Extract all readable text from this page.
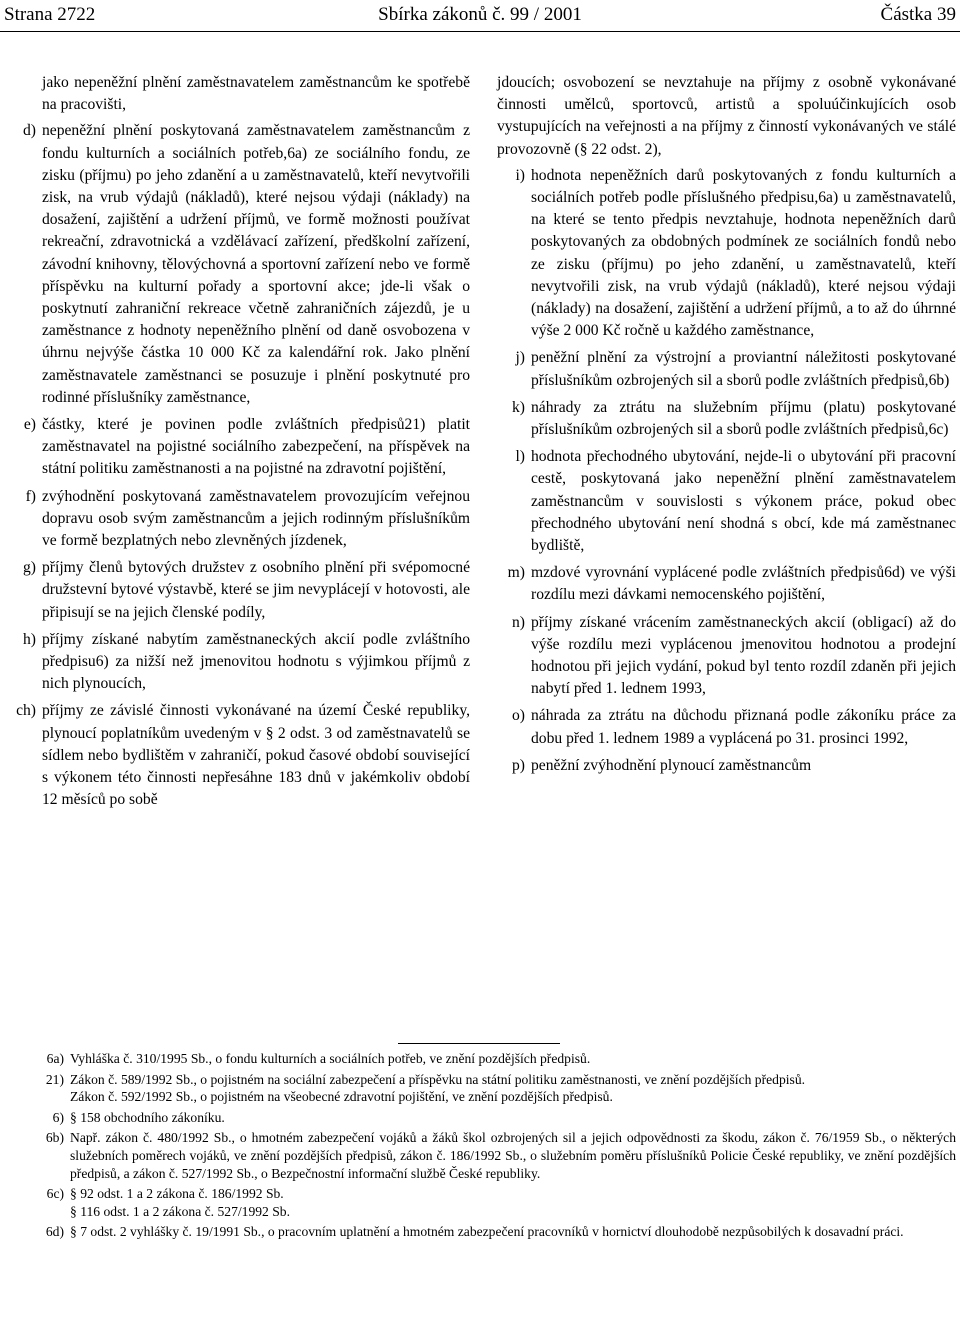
Sbírka zákonů č. 99 / 2001
Strana 2722	Částka 39

jako nepeněžní plnění zaměstnavatelem zaměstnancům ke spotřebě na pracovišti,

d) nepeněžní plnění poskytovaná zaměstnavatelem zaměstnancům z fondu kulturních a sociálních potřeb,6a) ze sociálního fondu, ze zisku (příjmu) po jeho zdanění a u zaměstnavatelů, kteří nevytvořili zisk, na vrub výdajů (nákladů), které nejsou výdaji (náklady) na dosažení, zajištění a udržení příjmů, ve formě možnosti používat rekreační, zdravotnická a vzdělávací zařízení, předškolní zařízení, závodní knihovny, tělovýchovná a sportovní zařízení nebo ve formě příspěvku na kulturní pořady a sportovní akce; jde-li však o poskytnutí zahraniční rekreace včetně zahraničních zájezdů, je u zaměstnance z hodnoty nepeněžního plnění od daně osvobozena v úhrnu nejvýše částka 10 000 Kč za kalendářní rok. Jako plnění zaměstnavatele zaměstnanci se posuzuje i plnění poskytnuté pro rodinné příslušníky zaměstnance,
e) částky, které je povinen podle zvláštních předpisů21) platit zaměstnavatel na pojistné sociálního zabezpečení, na příspěvek na státní politiku zaměstnanosti a na pojistné na zdravotní pojištění,
f) zvýhodnění poskytovaná zaměstnavatelem provozujícím veřejnou dopravu osob svým zaměstnancům a jejich rodinným příslušníkům ve formě bezplatných nebo zlevněných jízdenek,
g) příjmy členů bytových družstev z osobního plnění při svépomocné družstevní bytové výstavbě, které se jim nevyplácejí v hotovosti, ale připisují se na jejich členské podíly,
h) příjmy získané nabytím zaměstnaneckých akcií podle zvláštního předpisu6) za nižší než jmenovitou hodnotu s výjimkou příjmů z nich plynoucích,
ch) příjmy ze závislé činnosti vykonávané na území České republiky, plynoucí poplatníkům uvedeným v § 2 odst. 3 od zaměstnavatelů se sídlem nebo bydlištěm v zahraničí, pokud časové období související s výkonem této činnosti nepřesáhne 183 dnů v jakémkoliv období 12 měsíců po sobě

jdoucích; osvobození se nevztahuje na příjmy z osobně vykonávané činnosti umělců, sportovců, artistů a spoluúčinkujících osob vystupujících na veřejnosti a na příjmy z činností vykonávaných ve stálé provozovně (§ 22 odst. 2),

i) hodnota nepeněžních darů poskytovaných z fondu kulturních a sociálních potřeb podle příslušného předpisu,6a) u zaměstnavatelů, na které se tento předpis nevztahuje, hodnota nepeněžních darů poskytovaných za obdobných podmínek ze sociálních fondů nebo ze zisku (příjmu) po jeho zdanění, u zaměstnavatelů, kteří nevytvořili zisk, na vrub výdajů (nákladů), které nejsou výdaji (náklady) na dosažení, zajištění a udržení příjmů, a to až do úhrnné výše 2 000 Kč ročně u každého zaměstnance,
j) peněžní plnění za výstrojní a proviantní náležitosti poskytované příslušníkům ozbrojených sil a sborů podle zvláštních předpisů,6b)
k) náhrady za ztrátu na služebním příjmu (platu) poskytované příslušníkům ozbrojených sil a sborů podle zvláštních předpisů,6c)
l) hodnota přechodného ubytování, nejde-li o ubytování při pracovní cestě, poskytovaná jako nepeněžní plnění zaměstnavatelem zaměstnancům v souvislosti s výkonem práce, pokud obec přechodného ubytování není shodná s obcí, kde má zaměstnanec bydliště,
m) mzdové vyrovnání vyplácené podle zvláštních předpisů6d) ve výši rozdílu mezi dávkami nemocenského pojištění,
n) příjmy získané vrácením zaměstnaneckých akcií (obligací) až do výše rozdílu mezi vyplácenou jmenovitou hodnotou a prodejní hodnotou při jejich vydání, pokud byl tento rozdíl zdaněn při jejich nabytí před 1. lednem 1993,
o) náhrada za ztrátu na důchodu přiznaná podle zákoníku práce za dobu před 1. lednem 1989 a vyplácená po 31. prosinci 1992,
p) peněžní zvýhodnění plynoucí zaměstnancům
6a) Vyhláška č. 310/1995 Sb., o fondu kulturních a sociálních potřeb, ve znění pozdějších předpisů.
21) Zákon č. 589/1992 Sb., o pojistném na sociální zabezpečení a příspěvku na státní politiku zaměstnanosti, ve znění pozdějších předpisů.
Zákon č. 592/1992 Sb., o pojistném na všeobecné zdravotní pojištění, ve znění pozdějších předpisů.
6) § 158 obchodního zákoníku.
6b) Např. zákon č. 480/1992 Sb., o hmotném zabezpečení vojáků a žáků škol ozbrojených sil a jejich odpovědnosti za škodu, zákon č. 76/1959 Sb., o některých služebních poměrech vojáků, ve znění pozdějších předpisů, zákon č. 186/1992 Sb., o služebním poměru příslušníků Policie České republiky, ve znění pozdějších předpisů, a zákon č. 527/1992 Sb., o Bezpečnostní informační službě České republiky.
6c) § 92 odst. 1 a 2 zákona č. 186/1992 Sb.
§ 116 odst. 1 a 2 zákona č. 527/1992 Sb.
6d) § 7 odst. 2 vyhlášky č. 19/1991 Sb., o pracovním uplatnění a hmotném zabezpečení pracovníků v hornictví dlouhodobě nezpůsobilých k dosavadní práci.
